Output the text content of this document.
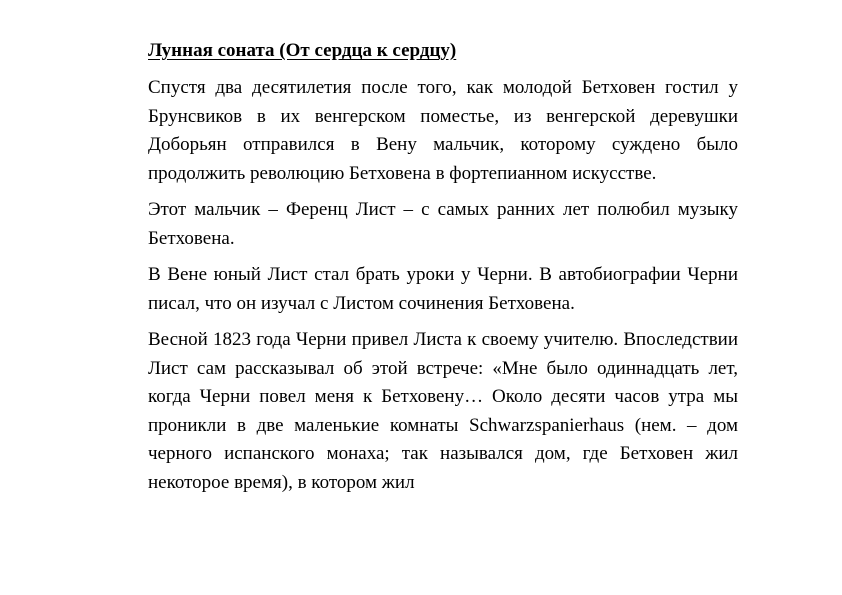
Лунная соната (От сердца к сердцу)

Спустя два десятилетия после того, как молодой Бетховен гостил у Брунсвиков в их венгерском поместье, из венгерской деревушки Доборьян отправился в Вену мальчик, которому суждено было продолжить революцию Бетховена в фортепианном искусстве.

Этот мальчик – Ференц Лист – с самых ранних лет полюбил музыку Бетховена.

В Вене юный Лист стал брать уроки у Черни. В автобиографии Черни писал, что он изучал с Листом сочинения Бетховена.

Весной 1823 года Черни привел Листа к своему учителю. Впоследствии Лист сам рассказывал об этой встрече: «Мне было одиннадцать лет, когда Черни повел меня к Бетховену… Около десяти часов утра мы проникли в две маленькие комнаты Schwarzspanierhaus (нем. – дом черного испанского монаха; так назывался дом, где Бетховен жил некоторое время), в котором жил
